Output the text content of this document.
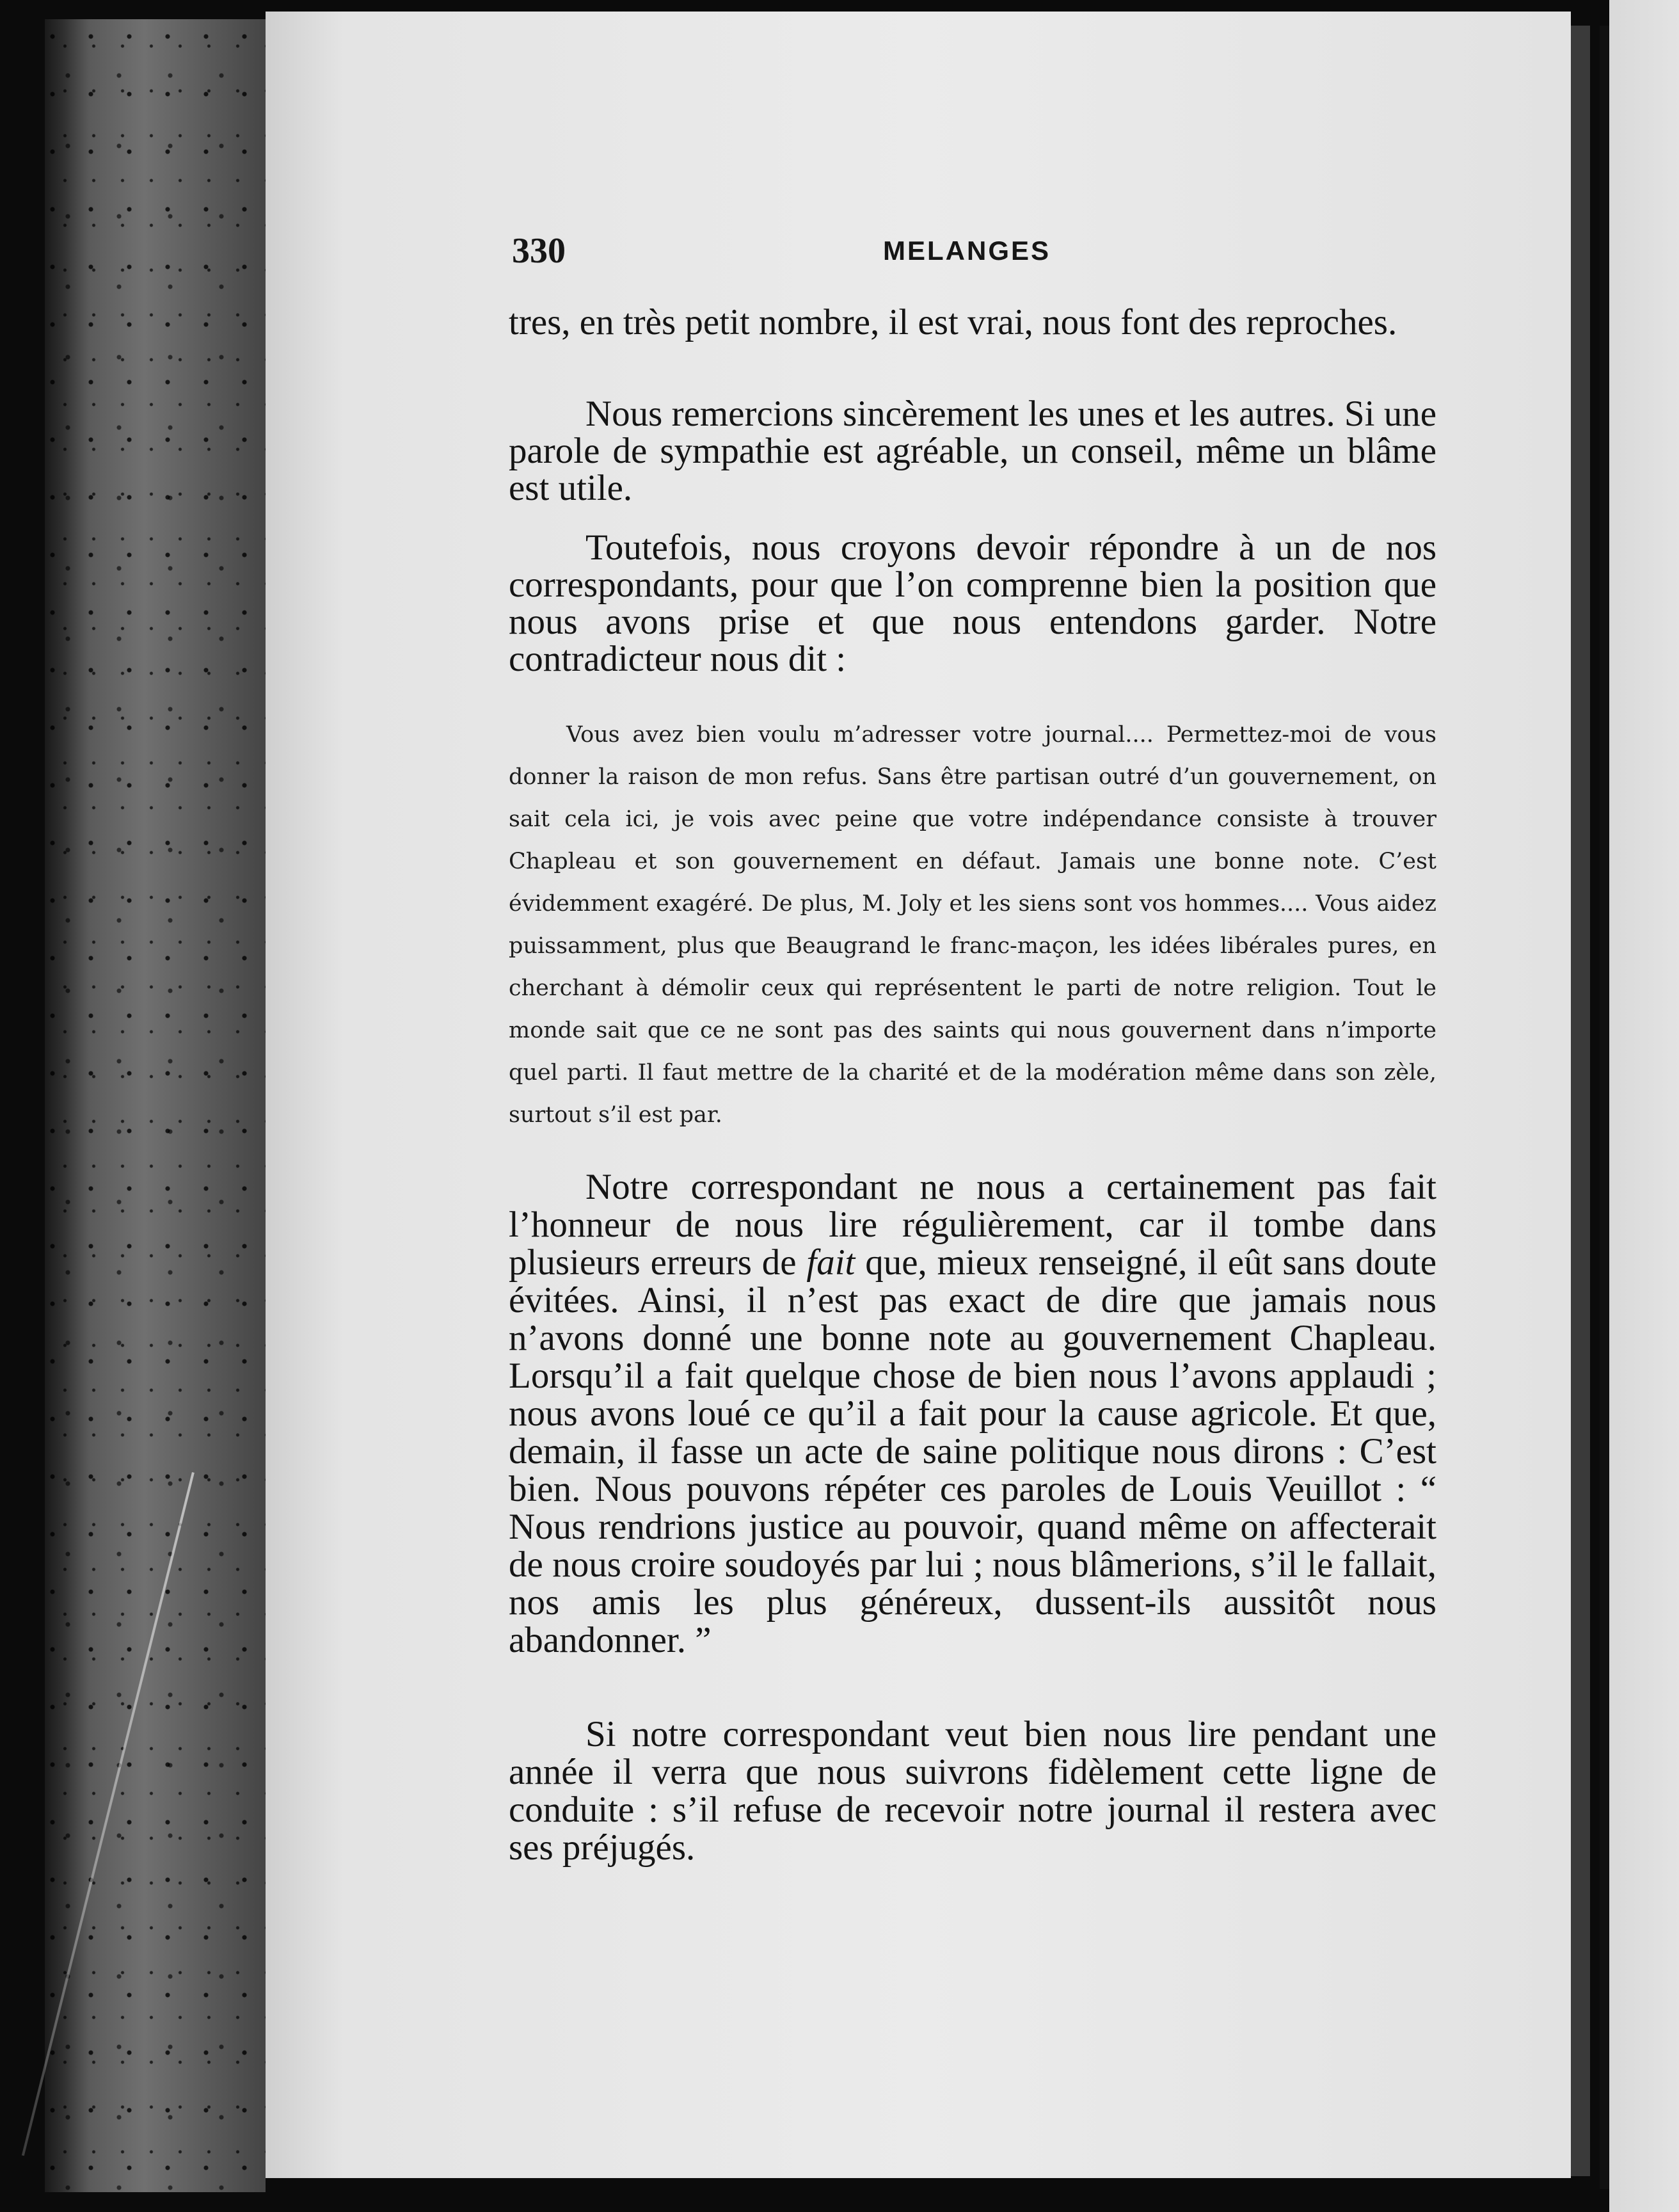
330	MELANGES

tres, en très petit nombre, il est vrai, nous font des reproches.

Nous remercions sincèrement les unes et les autres. Si une parole de sympathie est agréable, un conseil, même un blâme est utile.

Toutefois, nous croyons devoir répondre à un de nos correspondants, pour que l’on comprenne bien la position que nous avons prise et que nous entendons garder. Notre contradicteur nous dit :

Vous avez bien voulu m’adresser votre journal.... Permettez-moi de vous donner la raison de mon refus. Sans être partisan outré d’un gouvernement, on sait cela ici, je vois avec peine que votre indépendance consiste à trouver Chapleau et son gouvernement en défaut. Jamais une bonne note. C’est évidemment exagéré. De plus, M. Joly et les siens sont vos hommes.... Vous aidez puissamment, plus que Beaugrand le franc-maçon, les idées libérales pures, en cherchant à démolir ceux qui représentent le parti de notre religion. Tout le monde sait que ce ne sont pas des saints qui nous gouvernent dans n’importe quel parti. Il faut mettre de la charité et de la modération même dans son zèle, surtout s’il est par.

Notre correspondant ne nous a certainement pas fait l’honneur de nous lire régulièrement, car il tombe dans plusieurs erreurs de fait que, mieux renseigné, il eût sans doute évitées. Ainsi, il n’est pas exact de dire que jamais nous n’avons donné une bonne note au gouvernement Chapleau. Lorsqu’il a fait quelque chose de bien nous l’avons applaudi ; nous avons loué ce qu’il a fait pour la cause agricole. Et que, demain, il fasse un acte de saine politique nous dirons : C’est bien. Nous pouvons répéter ces paroles de Louis Veuillot : “ Nous rendrions justice au pouvoir, quand même on affecterait de nous croire soudoyés par lui ; nous blâmerions, s’il le fallait, nos amis les plus généreux, dussent-ils aussitôt nous abandonner. ”

Si notre correspondant veut bien nous lire pendant une année il verra que nous suivrons fidèlement cette ligne de conduite : s’il refuse de recevoir notre journal il restera avec ses préjugés.
